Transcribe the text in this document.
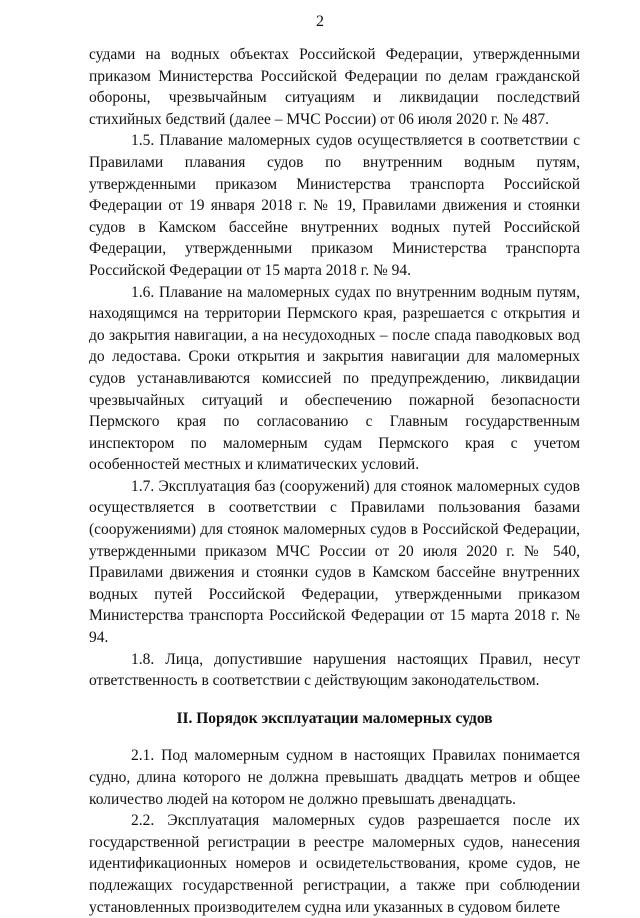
2

судами на водных объектах Российской Федерации, утвержденными приказом Министерства Российской Федерации по делам гражданской обороны, чрезвычайным ситуациям и ликвидации последствий стихийных бедствий (далее – МЧС России) от 06 июля 2020 г. № 487.

1.5. Плавание маломерных судов осуществляется в соответствии с Правилами плавания судов по внутренним водным путям, утвержденными приказом Министерства транспорта Российской Федерации от 19 января 2018 г. № 19, Правилами движения и стоянки судов в Камском бассейне внутренних водных путей Российской Федерации, утвержденными приказом Министерства транспорта Российской Федерации от 15 марта 2018 г. № 94.

1.6. Плавание на маломерных судах по внутренним водным путям, находящимся на территории Пермского края, разрешается с открытия и до закрытия навигации, а на несудоходных – после спада паводковых вод до ледостава. Сроки открытия и закрытия навигации для маломерных судов устанавливаются комиссией по предупреждению, ликвидации чрезвычайных ситуаций и обеспечению пожарной безопасности Пермского края по согласованию с Главным государственным инспектором по маломерным судам Пермского края с учетом особенностей местных и климатических условий.

1.7. Эксплуатация баз (сооружений) для стоянок маломерных судов осуществляется в соответствии с Правилами пользования базами (сооружениями) для стоянок маломерных судов в Российской Федерации, утвержденными приказом МЧС России от 20 июля 2020 г. № 540, Правилами движения и стоянки судов в Камском бассейне внутренних водных путей Российской Федерации, утвержденными приказом Министерства транспорта Российской Федерации от 15 марта 2018 г. № 94.

1.8. Лица, допустившие нарушения настоящих Правил, несут ответственность в соответствии с действующим законодательством.

II. Порядок эксплуатации маломерных судов

2.1. Под маломерным судном в настоящих Правилах понимается судно, длина которого не должна превышать двадцать метров и общее количество людей на котором не должно превышать двенадцать.

2.2. Эксплуатация маломерных судов разрешается после их государственной регистрации в реестре маломерных судов, нанесения идентификационных номеров и освидетельствования, кроме судов, не подлежащих государственной регистрации, а также при соблюдении установленных производителем судна или указанных в судовом билете
